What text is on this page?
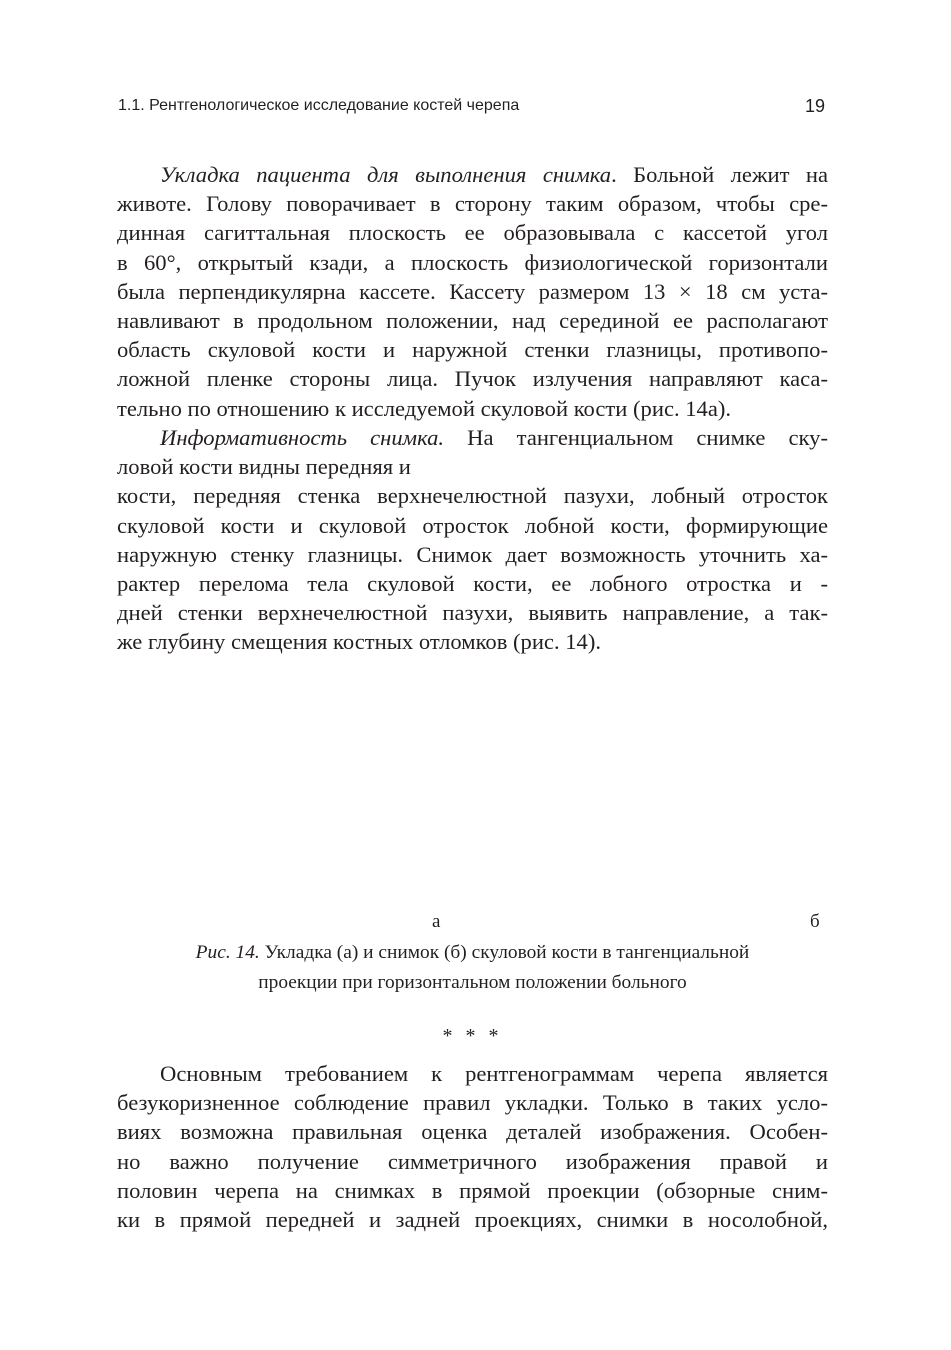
1.1. Рентгенологическое исследование костей черепа	19
Укладка пациента для выполнения снимка. Больной лежит на
животе. Голову поворачивает в сторону таким образом, чтобы сре-
динная сагиттальная плоскость ее образовывала с кассетой угол
в 60°, открытый кзади, а плоскость физиологической горизонтали
была перпендикулярна кассете. Кассету размером 13 × 18 см уста-
навливают в продольном положении, над серединой ее располагают
область скуловой кости и наружной стенки глазницы, противопо-
ложной пленке стороны лица. Пучок излучения направляют каса-
тельно по отношению к исследуемой скуловой кости (рис. 14а).
Информативность снимка. На тангенциальном снимке ску-
ловой кости видны передняя и
кости, передняя стенка верхнечелюстной пазухи, лобный отросток
скуловой кости и скуловой отросток лобной кости, формирующие
наружную стенку глазницы. Снимок дает возможность уточнить ха-
рактер перелома тела скуловой кости, ее лобного отростка и -
дней стенки верхнечелюстной пазухи, выявить направление, а так-
же глубину смещения костных отломков (рис. 14).
а	б
Рис. 14. Укладка (а) и снимок (б) скуловой кости в тангенциальной
проекции при горизонтальном положении больного
* * *
Основным требованием к рентгенограммам черепа является
безукоризненное соблюдение правил укладки. Только в таких усло-
виях возможна правильная оценка деталей изображения. Особен-
но важно получение симметричного изображения правой и
половин черепа на снимках в прямой проекции (обзорные сним-
ки в прямой передней и задней проекциях, снимки в носолобной,
